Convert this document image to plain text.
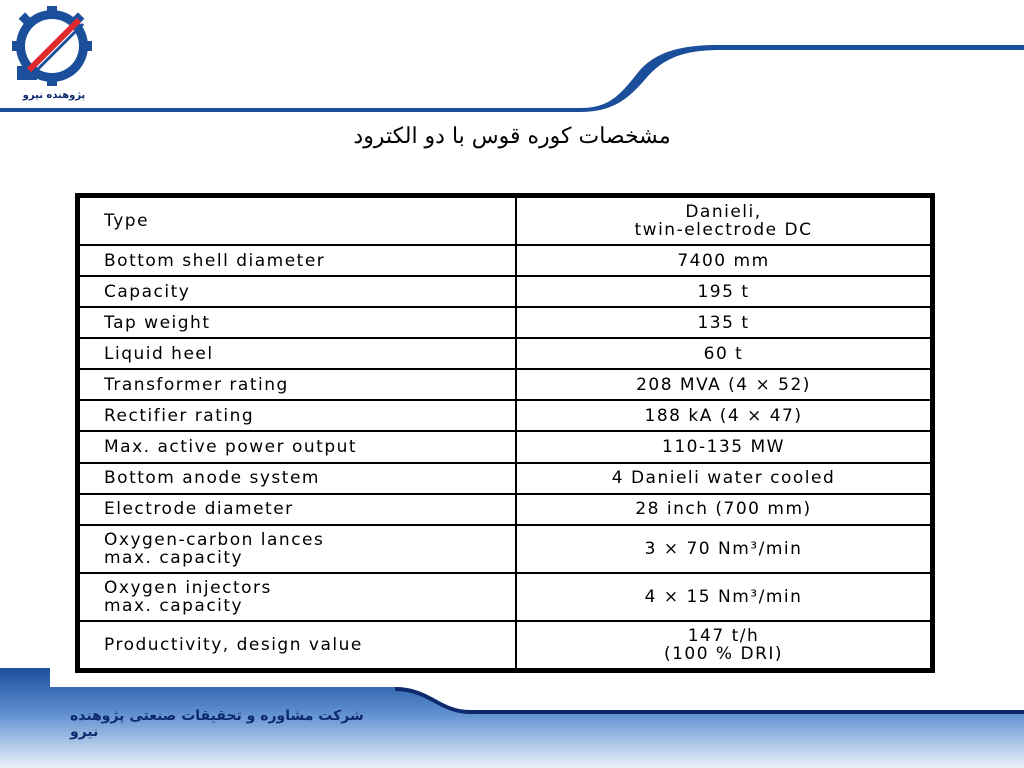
پژوهنده نیرو
مشخصات کوره قوس با دو الکترود
Type	Danieli,
twin-electrode DC
Bottom shell diameter	7400 mm
Capacity	195 t
Tap weight	135 t
Liquid heel	60 t
Transformer rating	208 MVA (4 × 52)
Rectifier rating	188 kA (4 × 47)
Max. active power output	110-135 MW
Bottom anode system	4 Danieli water cooled
Electrode diameter	28 inch (700 mm)
Oxygen-carbon lances
max. capacity	3 × 70 Nm³/min
Oxygen injectors
max. capacity	4 × 15 Nm³/min
Productivity, design value	147 t/h
(100 % DRI)
شرکت مشاوره و تحقیقات صنعتی پژوهنده نیرو
